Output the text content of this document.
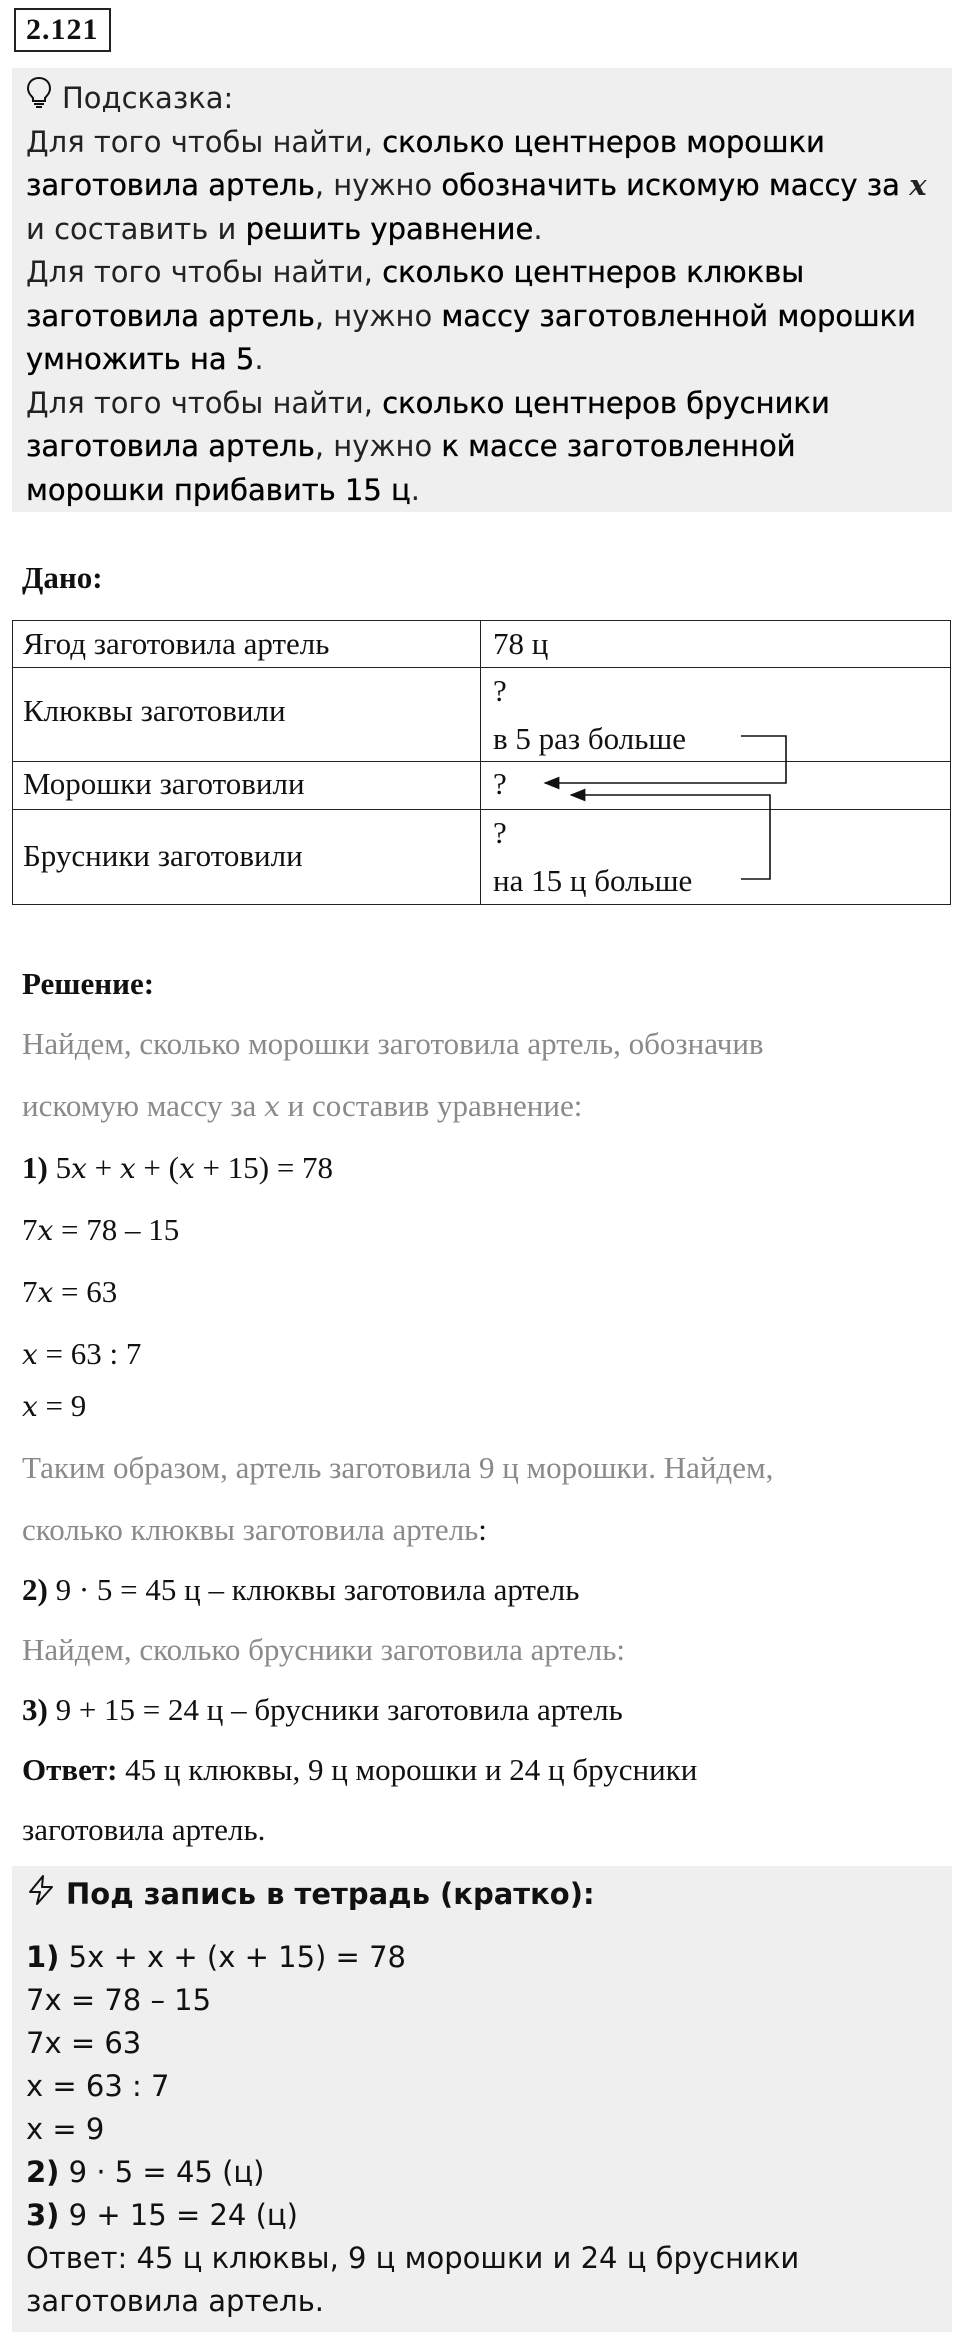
2.121
Подсказка:

Для того чтобы найти, сколько центнеров морошки заготовила артель, нужно обозначить искомую массу за x и составить и решить уравнение.

Для того чтобы найти, сколько центнеров клюквы заготовила артель, нужно массу заготовленной морошки умножить на 5.

Для того чтобы найти, сколько центнеров брусники заготовила артель, нужно к массе заготовленной морошки прибавить 15 ц.

Дано:
Ягод заготовила артель	78 ц
Клюквы заготовили
?
в 5 раз больше
Морошки заготовили	?
Брусники заготовили
?
на 15 ц больше
Решение:
Найдем, сколько морошки заготовила артель, обозначив
искомую массу за x и составив уравнение:
1) 5x + x + (x + 15) = 78
7x = 78 – 15
7x = 63
x = 63 : 7
x = 9
Таким образом, артель заготовила 9 ц морошки. Найдем,
сколько клюквы заготовила артель:
2) 9 · 5 = 45 ц – клюквы заготовила артель
Найдем, сколько брусники заготовила артель:
3) 9 + 15 = 24 ц – брусники заготовила артель
Ответ: 45 ц клюквы, 9 ц морошки и 24 ц брусники
заготовила артель.
Под запись в тетрадь (кратко):
1) 5x + x + (x + 15) = 78
7x = 78 – 15
7x = 63
x = 63 : 7
x = 9
2) 9 · 5 = 45 (ц)
3) 9 + 15 = 24 (ц)
Ответ: 45 ц клюквы, 9 ц морошки и 24 ц брусники
заготовила артель.
